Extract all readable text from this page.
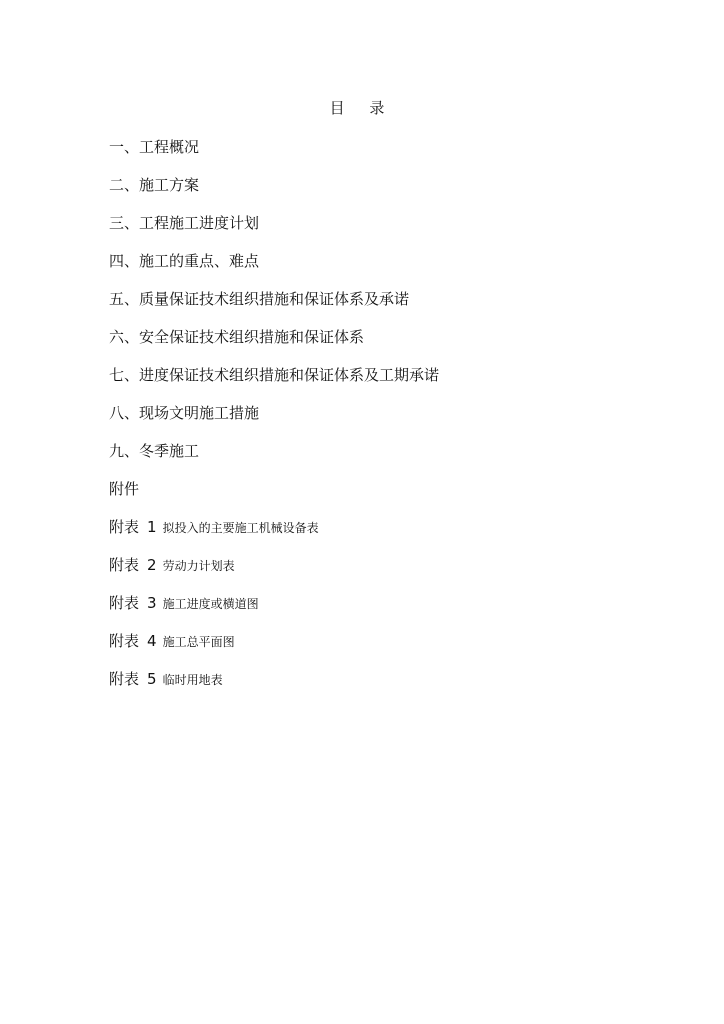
目 录
一、工程概况
二、施工方案
三、工程施工进度计划
四、施工的重点、难点
五、质量保证技术组织措施和保证体系及承诺
六、安全保证技术组织措施和保证体系
七、进度保证技术组织措施和保证体系及工期承诺
八、现场文明施工措施
九、冬季施工
附件
附表 1 拟投入的主要施工机械设备表
附表 2 劳动力计划表
附表 3 施工进度或横道图
附表 4 施工总平面图
附表 5 临时用地表
